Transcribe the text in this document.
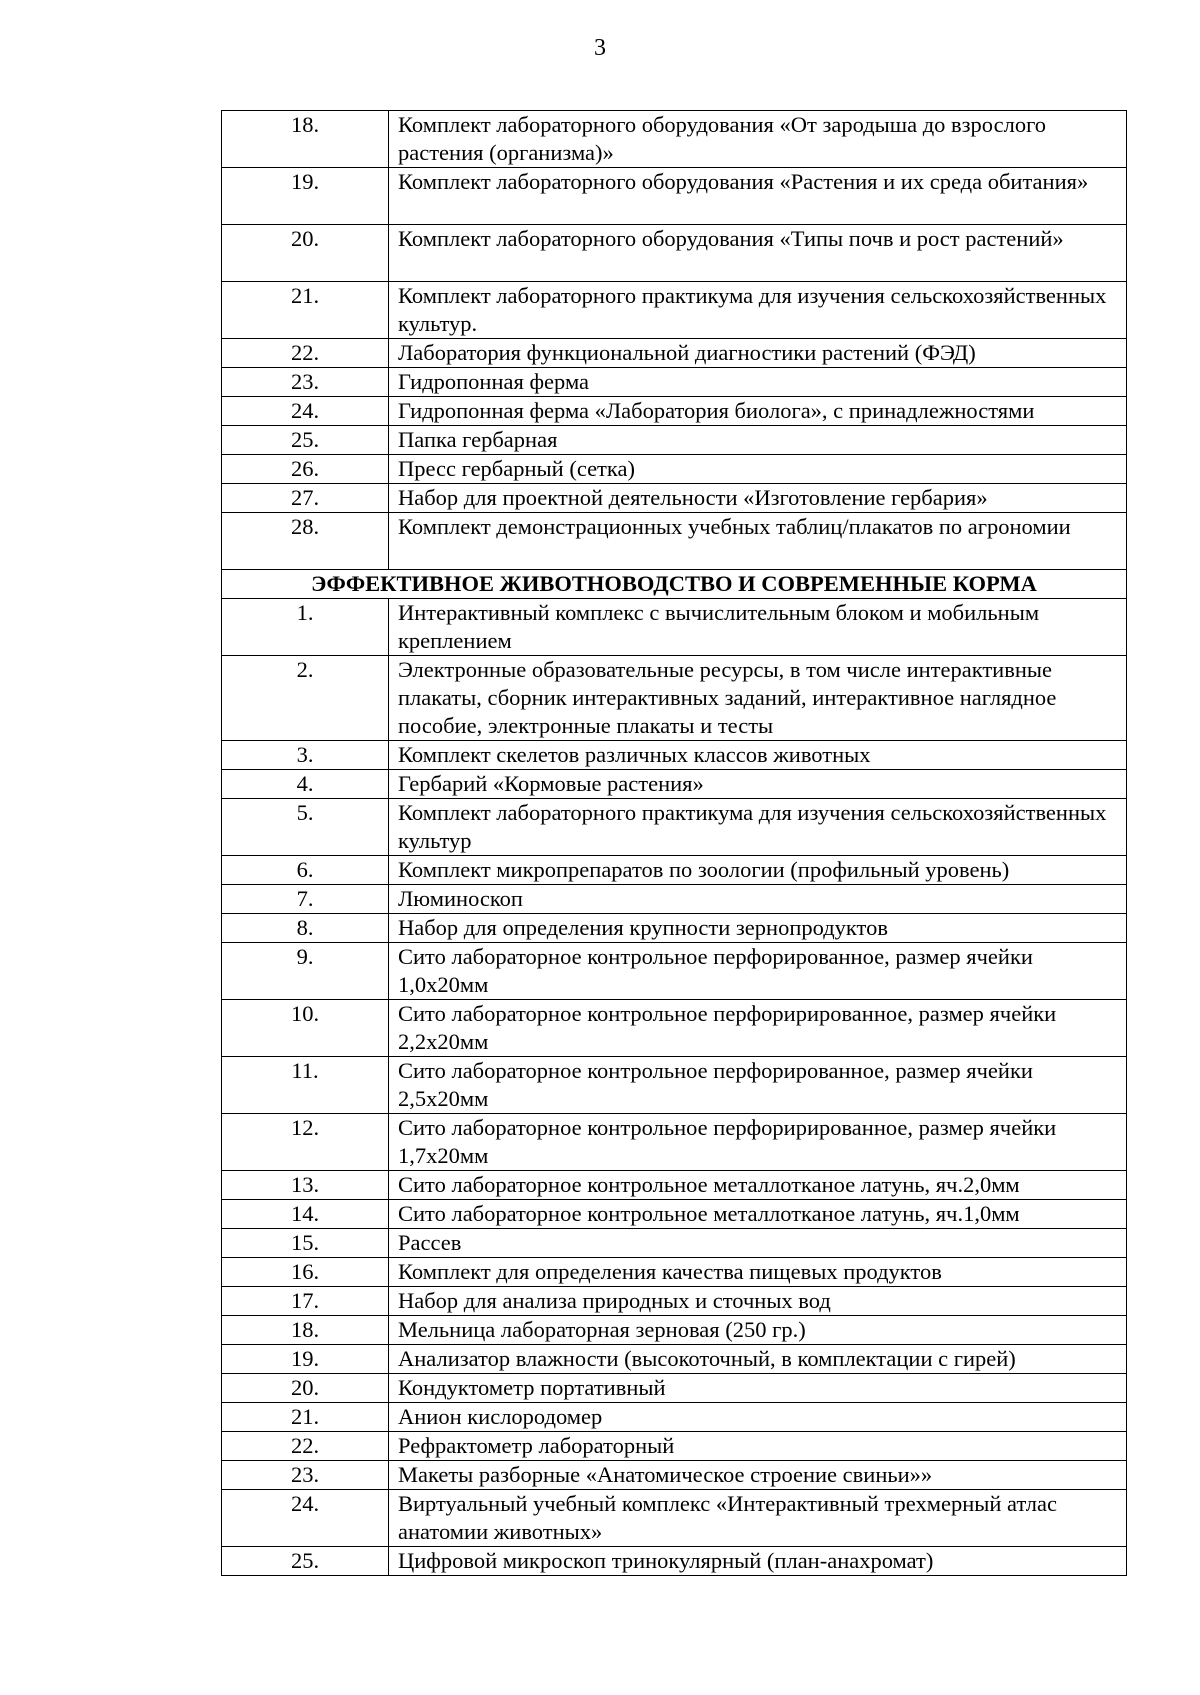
3
18.	Комплект лабораторного оборудования «От зародыша до взрослого растения (организма)»
19.	Комплект лабораторного оборудования «Растения и их среда обитания»
20.	Комплект лабораторного оборудования «Типы почв и рост растений»
21.	Комплект лабораторного практикума для изучения сельскохозяйственных культур.
22.	Лаборатория функциональной диагностики растений (ФЭД)
23.	Гидропонная ферма
24.	Гидропонная ферма «Лаборатория биолога», с принадлежностями
25.	Папка гербарная
26.	Пресс гербарный (сетка)
27.	Набор для проектной деятельности «Изготовление гербария»
28.	Комплект демонстрационных учебных таблиц/плакатов по агрономии
ЭФФЕКТИВНОЕ ЖИВОТНОВОДСТВО И СОВРЕМЕННЫЕ КОРМА	
1.	Интерактивный комплекс с вычислительным блоком и мобильным креплением
2.	Электронные образовательные ресурсы, в том числе интерактивные плакаты, сборник интерактивных заданий, интерактивное наглядное пособие, электронные плакаты и тесты
3.	Комплект скелетов различных классов животных
4.	Гербарий «Кормовые растения»
5.	Комплект лабораторного практикума для изучения сельскохозяйственных культур
6.	Комплект микропрепаратов по зоологии (профильный уровень)
7.	Люминоскоп
8.	Набор для определения крупности зернопродуктов
9.	Сито лабораторное контрольное перфорированное, размер ячейки 1,0х20мм
10.	Сито лабораторное контрольное перфорирированное, размер ячейки 2,2х20мм
11.	Сито лабораторное контрольное перфорированное, размер ячейки 2,5х20мм
12.	Сито лабораторное контрольное перфорирированное, размер ячейки 1,7х20мм
13.	Сито лабораторное контрольное металлотканое латунь, яч.2,0мм
14.	Сито лабораторное контрольное металлотканое латунь, яч.1,0мм
15.	Рассев
16.	Комплект для определения качества пищевых продуктов
17.	Набор для анализа природных и сточных вод
18.	Мельница лабораторная зерновая (250 гр.)
19.	Анализатор влажности (высокоточный, в комплектации с гирей)
20.	Кондуктометр портативный
21.	Анион кислородомер
22.	Рефрактометр лабораторный
23.	Макеты разборные «Анатомическое строение свиньи»»
24.	Виртуальный учебный комплекс «Интерактивный трехмерный атлас анатомии животных»
25.	Цифровой микроскоп тринокулярный (план-анахромат)
